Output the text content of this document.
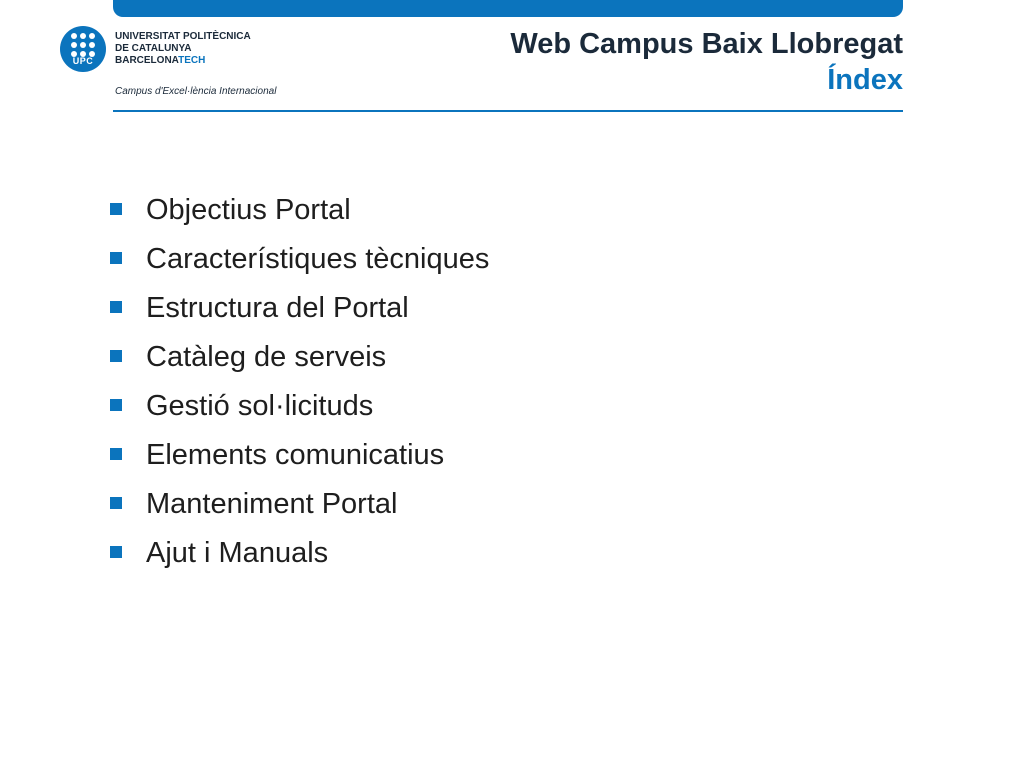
UPC
UNIVERSITAT POLITÈCNICA
DE CATALUNYA
BARCELONATECH
Campus d'Excel·lència Internacional
Web Campus Baix Llobregat
Índex
Objectius Portal
Característiques tècniques
Estructura del Portal
Catàleg de serveis
Gestió sol·licituds
Elements comunicatius
Manteniment Portal
Ajut i Manuals
